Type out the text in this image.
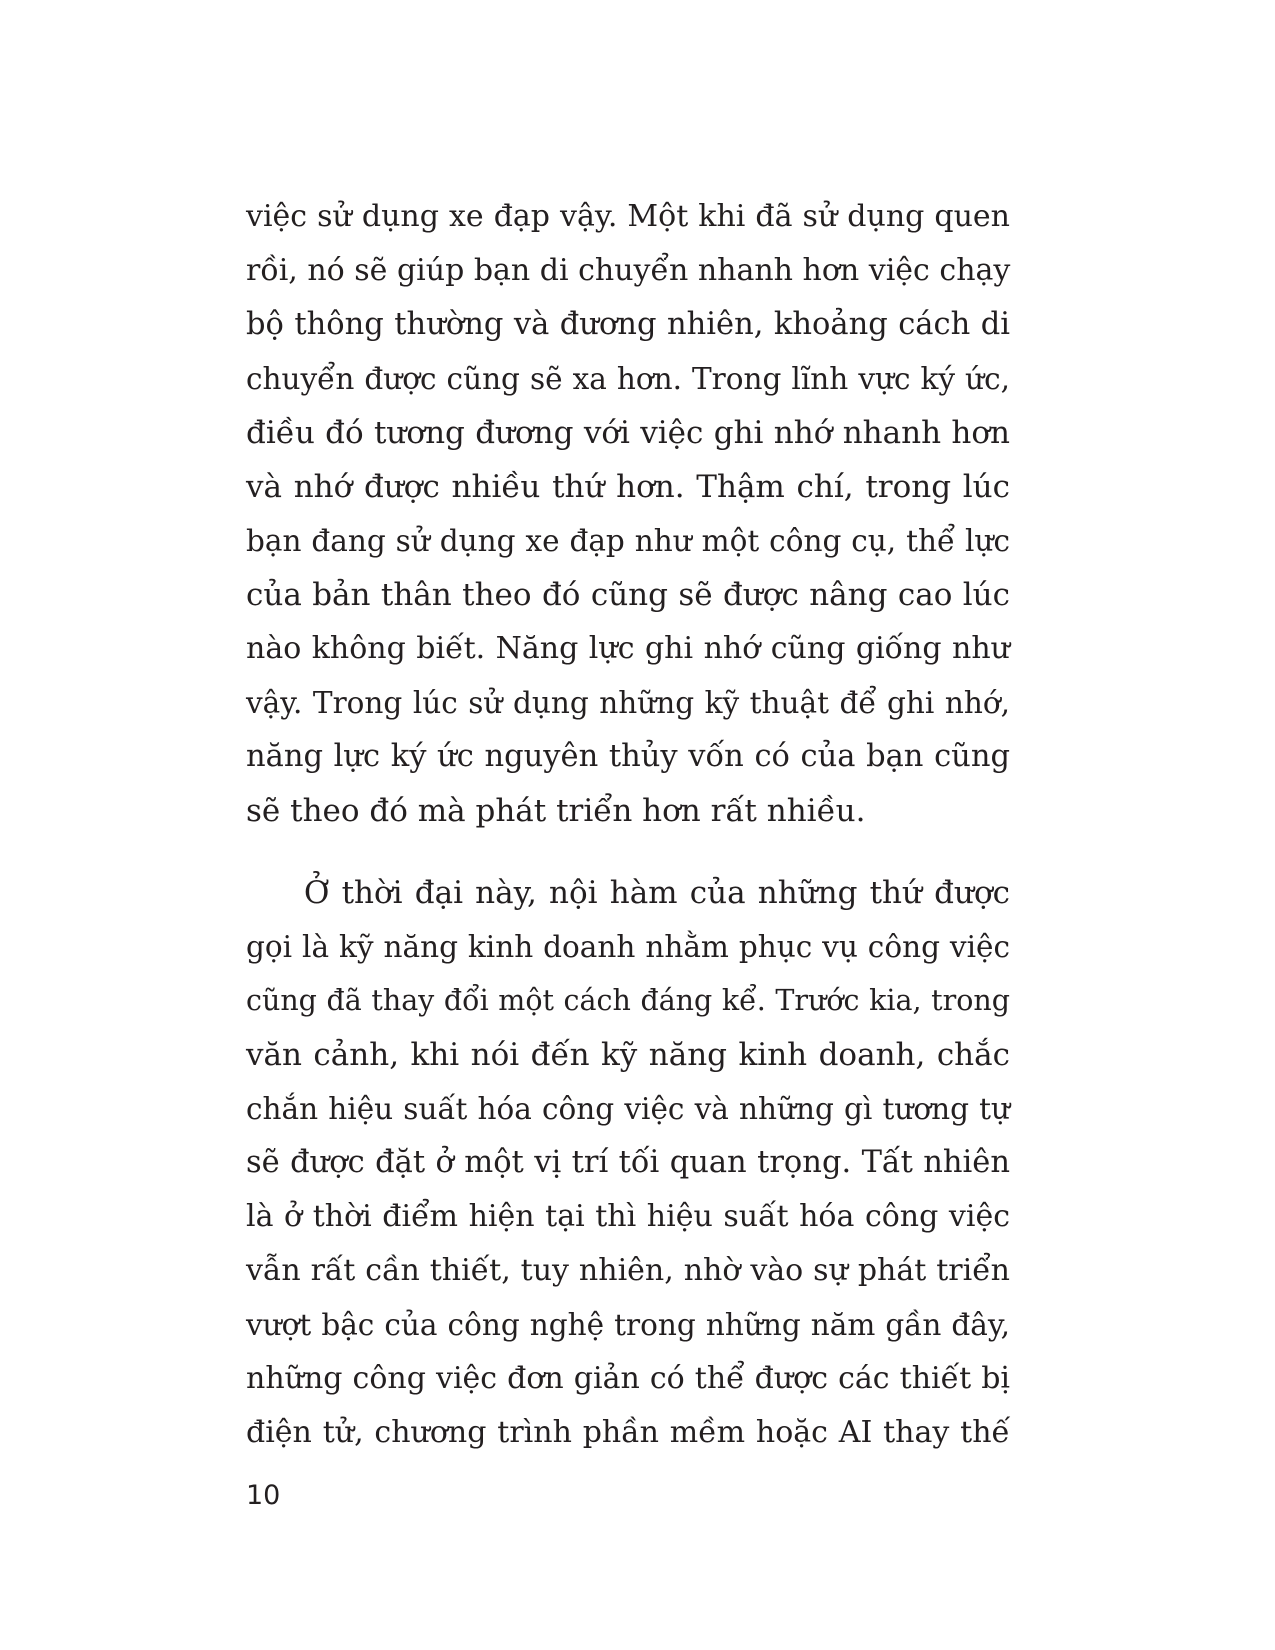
việc sử dụng xe đạp vậy. Một khi đã sử dụng quen
rồi, nó sẽ giúp bạn di chuyển nhanh hơn việc chạy
bộ thông thường và đương nhiên, khoảng cách di
chuyển được cũng sẽ xa hơn. Trong lĩnh vực ký ức,
điều đó tương đương với việc ghi nhớ nhanh hơn
và nhớ được nhiều thứ hơn. Thậm chí, trong lúc
bạn đang sử dụng xe đạp như một công cụ, thể lực
của bản thân theo đó cũng sẽ được nâng cao lúc
nào không biết. Năng lực ghi nhớ cũng giống như
vậy. Trong lúc sử dụng những kỹ thuật để ghi nhớ,
năng lực ký ức nguyên thủy vốn có của bạn cũng
sẽ theo đó mà phát triển hơn rất nhiều.
Ở thời đại này, nội hàm của những thứ được
gọi là kỹ năng kinh doanh nhằm phục vụ công việc
cũng đã thay đổi một cách đáng kể. Trước kia, trong
văn cảnh, khi nói đến kỹ năng kinh doanh, chắc
chắn hiệu suất hóa công việc và những gì tương tự
sẽ được đặt ở một vị trí tối quan trọng. Tất nhiên
là ở thời điểm hiện tại thì hiệu suất hóa công việc
vẫn rất cần thiết, tuy nhiên, nhờ vào sự phát triển
vượt bậc của công nghệ trong những năm gần đây,
những công việc đơn giản có thể được các thiết bị
điện tử, chương trình phần mềm hoặc AI thay thế
10
